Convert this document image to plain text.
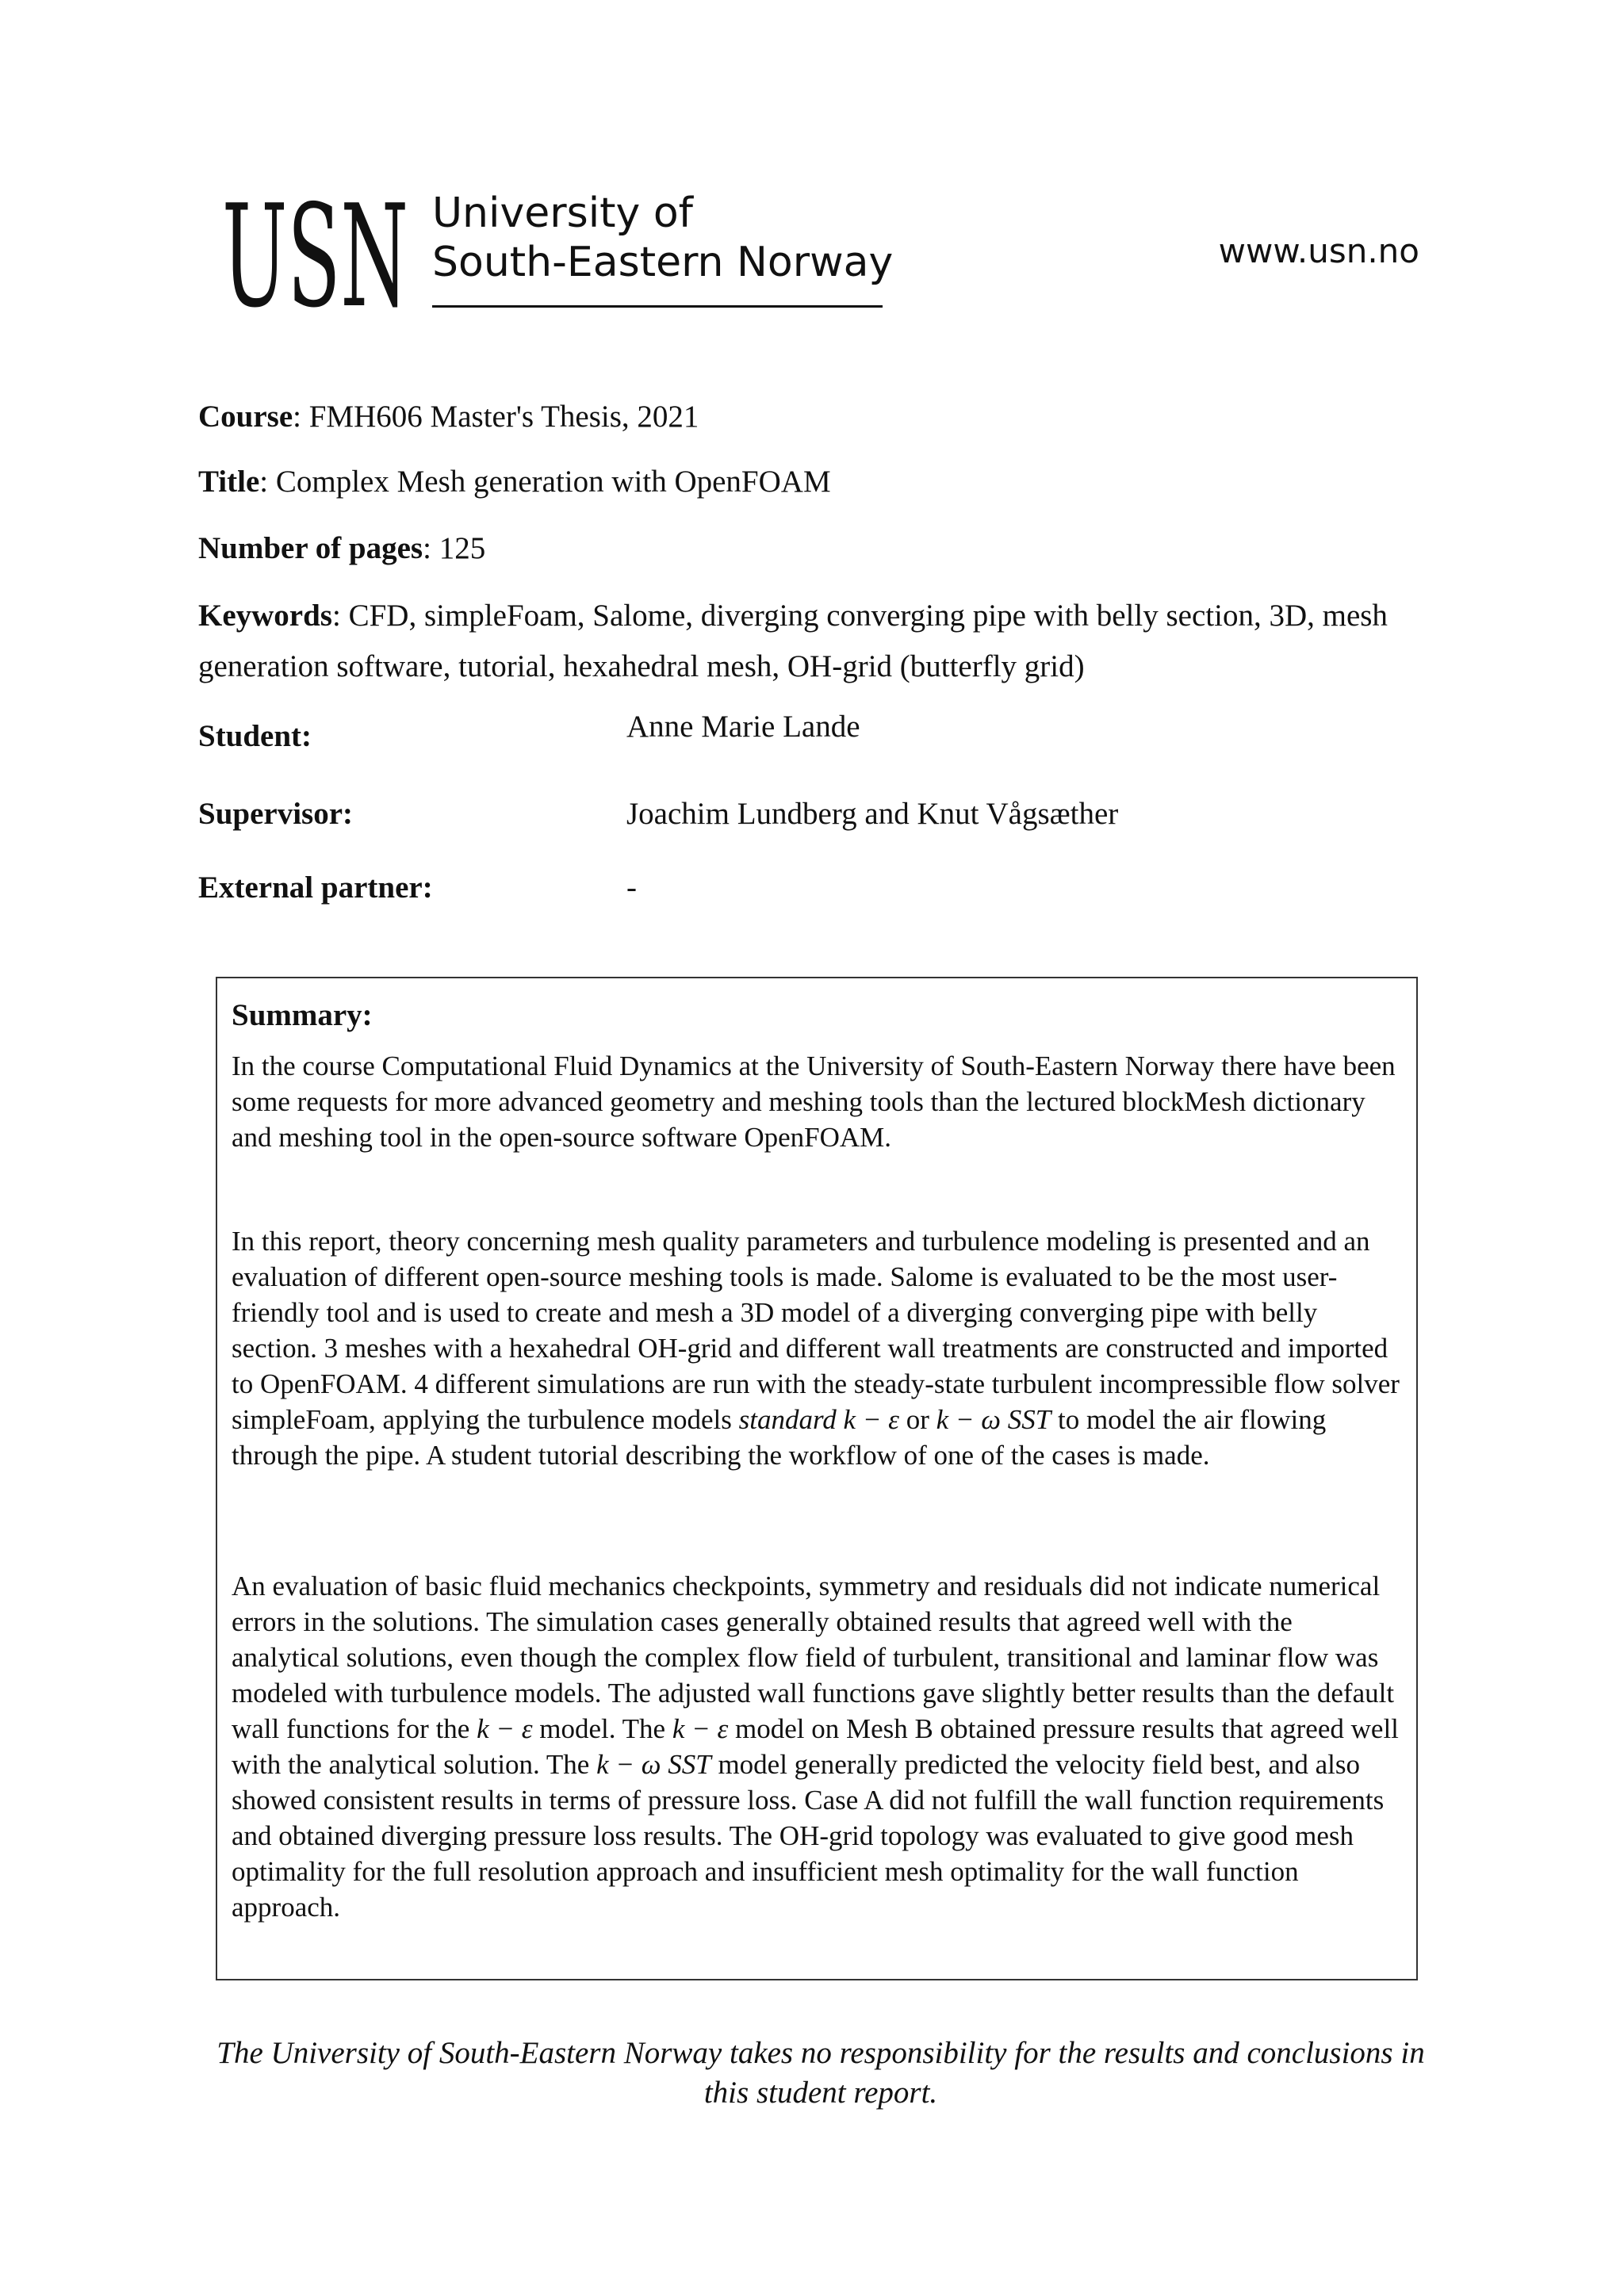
USN University of
South-Eastern Norway	www.usn.no
Course: FMH606 Master's Thesis, 2021
Title: Complex Mesh generation with OpenFOAM
Number of pages: 125
Keywords: CFD, simpleFoam, Salome, diverging converging pipe with belly section, 3D, mesh generation software, tutorial, hexahedral mesh, OH-grid (butterfly grid)
Student:	Anne Marie Lande
Supervisor:	Joachim Lundberg and Knut Vågsæther
External partner:	-
Summary:
In the course Computational Fluid Dynamics at the University of South-Eastern Norway there have been some requests for more advanced geometry and meshing tools than the lectured blockMesh dictionary and meshing tool in the open-source software OpenFOAM.
In this report, theory concerning mesh quality parameters and turbulence modeling is presented and an evaluation of different open-source meshing tools is made. Salome is evaluated to be the most user-friendly tool and is used to create and mesh a 3D model of a diverging converging pipe with belly section. 3 meshes with a hexahedral OH-grid and different wall treatments are constructed and imported to OpenFOAM. 4 different simulations are run with the steady-state turbulent incompressible flow solver simpleFoam, applying the turbulence models standard k − ε or k − ω SST to model the air flowing through the pipe. A student tutorial describing the workflow of one of the cases is made.
An evaluation of basic fluid mechanics checkpoints, symmetry and residuals did not indicate numerical errors in the solutions. The simulation cases generally obtained results that agreed well with the analytical solutions, even though the complex flow field of turbulent, transitional and laminar flow was modeled with turbulence models. The adjusted wall functions gave slightly better results than the default wall functions for the k − ε model. The k − ε model on Mesh B obtained pressure results that agreed well with the analytical solution. The k − ω SST model generally predicted the velocity field best, and also showed consistent results in terms of pressure loss. Case A did not fulfill the wall function requirements and obtained diverging pressure loss results. The OH-grid topology was evaluated to give good mesh optimality for the full resolution approach and insufficient mesh optimality for the wall function approach.
The University of South-Eastern Norway takes no responsibility for the results and conclusions in this student report.
